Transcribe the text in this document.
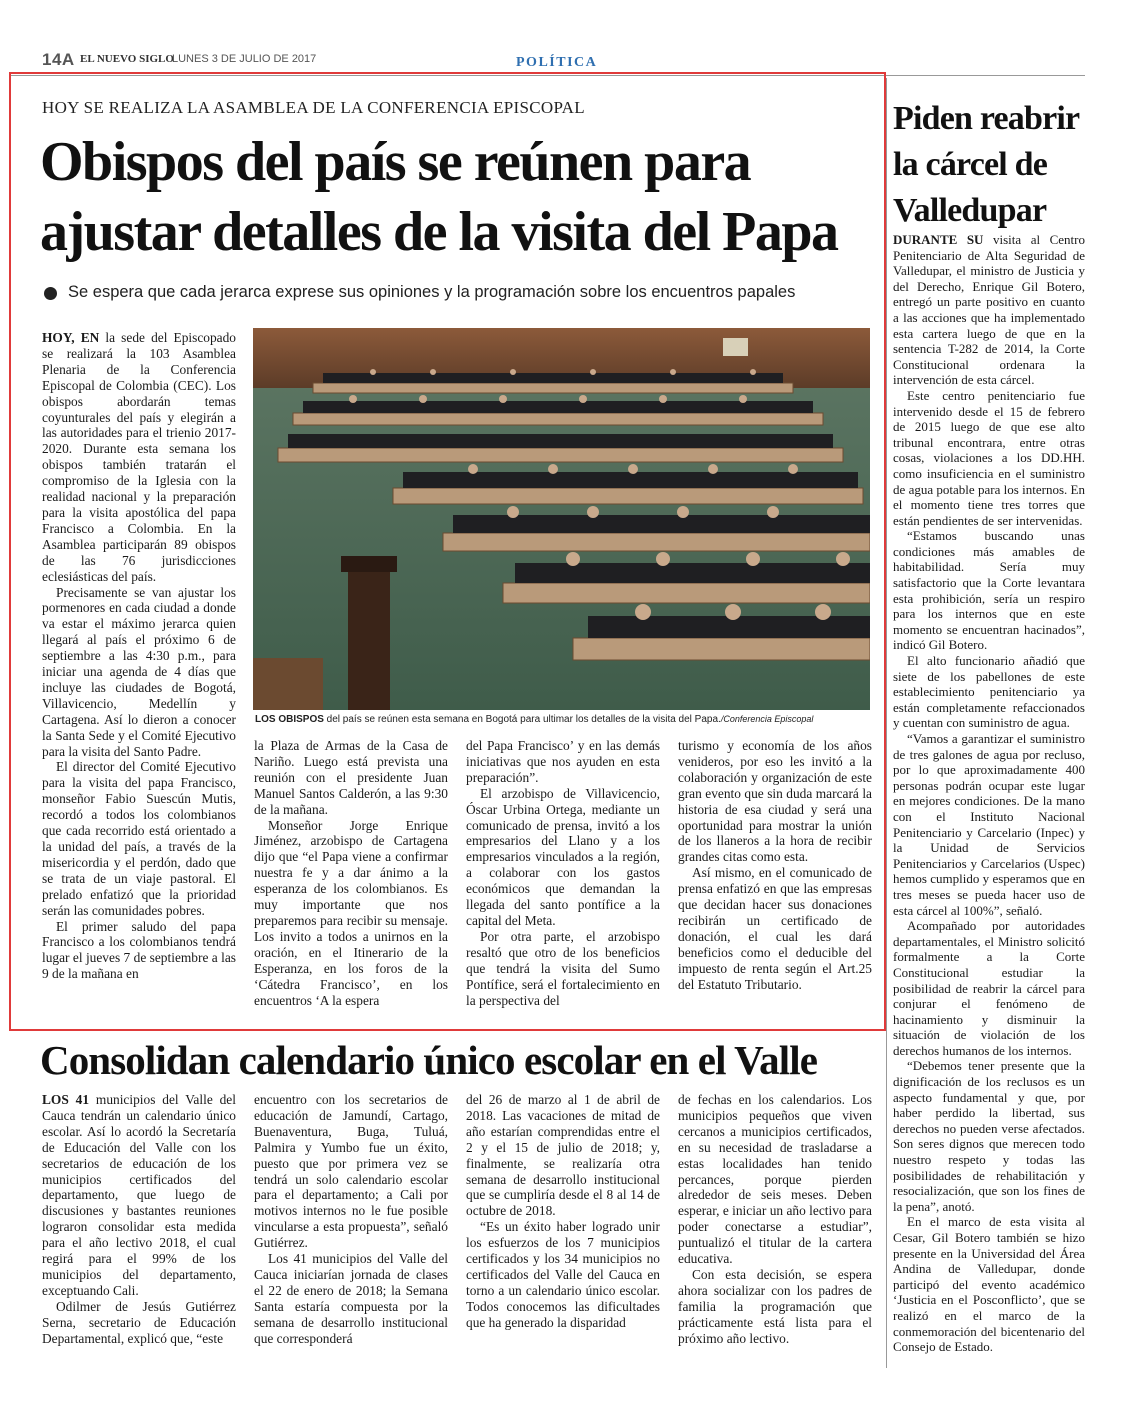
14A EL NUEVO SIGLO
LUNES 3 DE JULIO DE 2017	POLÍTICA
HOY SE REALIZA LA ASAMBLEA DE LA CONFERENCIA EPISCOPAL
Obispos del país se reúnen para
ajustar detalles de la visita del Papa
Se espera que cada jerarca exprese sus opiniones y la programación sobre los encuentros papales
LOS OBISPOS del país se reúnen esta semana en Bogotá para ultimar los detalles de la visita del Papa./Conferencia Episcopal

HOY, EN la sede del Episcopado se realizará la 103 Asamblea Plenaria de la Conferencia Episcopal de Colombia (CEC). Los obispos abordarán temas coyunturales del país y elegirán a las autoridades para el trienio 2017-2020. Durante esta semana los obispos también tratarán el compromiso de la Iglesia con la realidad nacional y la preparación para la visita apostólica del papa Francisco a Colombia. En la Asamblea participarán 89 obispos de las 76 jurisdicciones eclesiásticas del país.

Precisamente se van ajustar los pormenores en cada ciudad a donde va estar el máximo jerarca quien llegará al país el próximo 6 de septiembre a las 4:30 p.m., para iniciar una agenda de 4 días que incluye las ciudades de Bogotá, Villavicencio, Medellín y Cartagena. Así lo dieron a conocer la Santa Sede y el Comité Ejecutivo para la visita del Santo Padre.

El director del Comité Ejecutivo para la visita del papa Francisco, monseñor Fabio Suescún Mutis, recordó a todos los colombianos que cada recorrido está orientado a la unidad del país, a través de la misericordia y el perdón, dado que se trata de un viaje pastoral. El prelado enfatizó que la prioridad serán las comunidades pobres.

El primer saludo del papa Francisco a los colombianos tendrá lugar el jueves 7 de septiembre a las 9 de la mañana en

la Plaza de Armas de la Casa de Nariño. Luego está prevista una reunión con el presidente Juan Manuel Santos Calderón, a las 9:30 de la mañana.

Monseñor Jorge Enrique Jiménez, arzobispo de Cartagena dijo que “el Papa viene a confirmar nuestra fe y a dar ánimo a la esperanza de los colombianos. Es muy importante que nos preparemos para recibir su mensaje. Los invito a todos a unirnos en la oración, en el Itinerario de la Esperanza, en los foros de la ‘Cátedra Francisco’, en los encuentros ‘A la espera

del Papa Francisco’ y en las demás iniciativas que nos ayuden en esta preparación”.

El arzobispo de Villavicencio, Óscar Urbina Ortega, mediante un comunicado de prensa, invitó a los empresarios del Llano y a los empresarios vinculados a la región, a colaborar con los gastos económicos que demandan la llegada del santo pontífice a la capital del Meta.

Por otra parte, el arzobispo resaltó que otro de los beneficios que tendrá la visita del Sumo Pontífice, será el fortalecimiento en la perspectiva del

turismo y economía de los años venideros, por eso les invitó a la colaboración y organización de este gran evento que sin duda marcará la historia de esa ciudad y será una oportunidad para mostrar la unión de los llaneros a la hora de recibir grandes citas como esta.

Así mismo, en el comunicado de prensa enfatizó en que las empresas que decidan hacer sus donaciones recibirán un certificado de donación, el cual les dará beneficios como el deducible del impuesto de renta según el Art.25 del Estatuto Tributario.

Piden reabrir la cárcel de Valledupar

DURANTE SU visita al Centro Penitenciario de Alta Seguridad de Valledupar, el ministro de Justicia y del Derecho, Enrique Gil Botero, entregó un parte positivo en cuanto a las acciones que ha implementado esta cartera luego de que en la sentencia T-282 de 2014, la Corte Constitucional ordenara la intervención de esta cárcel.

Este centro penitenciario fue intervenido desde el 15 de febrero de 2015 luego de que ese alto tribunal encontrara, entre otras cosas, violaciones a los DD.HH. como insuficiencia en el suministro de agua potable para los internos. En el momento tiene tres torres que están pendientes de ser intervenidas.

“Estamos buscando unas condiciones más amables de habitabilidad. Sería muy satisfactorio que la Corte levantara esta prohibición, sería un respiro para los internos que en este momento se encuentran hacinados”, indicó Gil Botero.

El alto funcionario añadió que siete de los pabellones de este establecimiento penitenciario ya están completamente refaccionados y cuentan con suministro de agua.

“Vamos a garantizar el suministro de tres galones de agua por recluso, por lo que aproximadamente 400 personas podrán ocupar este lugar en mejores condiciones. De la mano con el Instituto Nacional Penitenciario y Carcelario (Inpec) y la Unidad de Servicios Penitenciarios y Carcelarios (Uspec) hemos cumplido y esperamos que en tres meses se pueda hacer uso de esta cárcel al 100%”, señaló.

Acompañado por autoridades departamentales, el Ministro solicitó formalmente a la Corte Constitucional estudiar la posibilidad de reabrir la cárcel para conjurar el fenómeno de hacinamiento y disminuir la situación de violación de los derechos humanos de los internos.

“Debemos tener presente que la dignificación de los reclusos es un aspecto fundamental y que, por haber perdido la libertad, sus derechos no pueden verse afectados. Son seres dignos que merecen todo nuestro respeto y todas las posibilidades de rehabilitación y resocialización, que son los fines de la pena”, anotó.

En el marco de esta visita al Cesar, Gil Botero también se hizo presente en la Universidad del Área Andina de Valledupar, donde participó del evento académico ‘Justicia en el Posconflicto’, que se realizó en el marco de la conmemoración del bicentenario del Consejo de Estado.

Consolidan calendario único escolar en el Valle

LOS 41 municipios del Valle del Cauca tendrán un calendario único escolar. Así lo acordó la Secretaría de Educación del Valle con los secretarios de educación de los municipios certificados del departamento, que luego de discusiones y bastantes reuniones lograron consolidar esta medida para el año lectivo 2018, el cual regirá para el 99% de los municipios del departamento, exceptuando Cali.

Odilmer de Jesús Gutiérrez Serna, secretario de Educación Departamental, explicó que, “este

encuentro con los secretarios de educación de Jamundí, Cartago, Buenaventura, Buga, Tuluá, Palmira y Yumbo fue un éxito, puesto que por primera vez se tendrá un solo calendario escolar para el departamento; a Cali por motivos internos no le fue posible vincularse a esta propuesta”, señaló Gutiérrez.

Los 41 municipios del Valle del Cauca iniciarían jornada de clases el 22 de enero de 2018; la Semana Santa estaría compuesta por la semana de desarrollo institucional que corresponderá

del 26 de marzo al 1 de abril de 2018. Las vacaciones de mitad de año estarían comprendidas entre el 2 y el 15 de julio de 2018; y, finalmente, se realizaría otra semana de desarrollo institucional que se cumpliría desde el 8 al 14 de octubre de 2018.

“Es un éxito haber logrado unir los esfuerzos de los 7 municipios certificados y los 34 municipios no certificados del Valle del Cauca en torno a un calendario único escolar. Todos conocemos las dificultades que ha generado la disparidad

de fechas en los calendarios. Los municipios pequeños que viven cercanos a municipios certificados, en su necesidad de trasladarse a estas localidades han tenido percances, porque pierden alrededor de seis meses. Deben esperar, e iniciar un año lectivo para poder conectarse a estudiar”, puntualizó el titular de la cartera educativa.

Con esta decisión, se espera ahora socializar con los padres de familia la programación que prácticamente está lista para el próximo año lectivo.
